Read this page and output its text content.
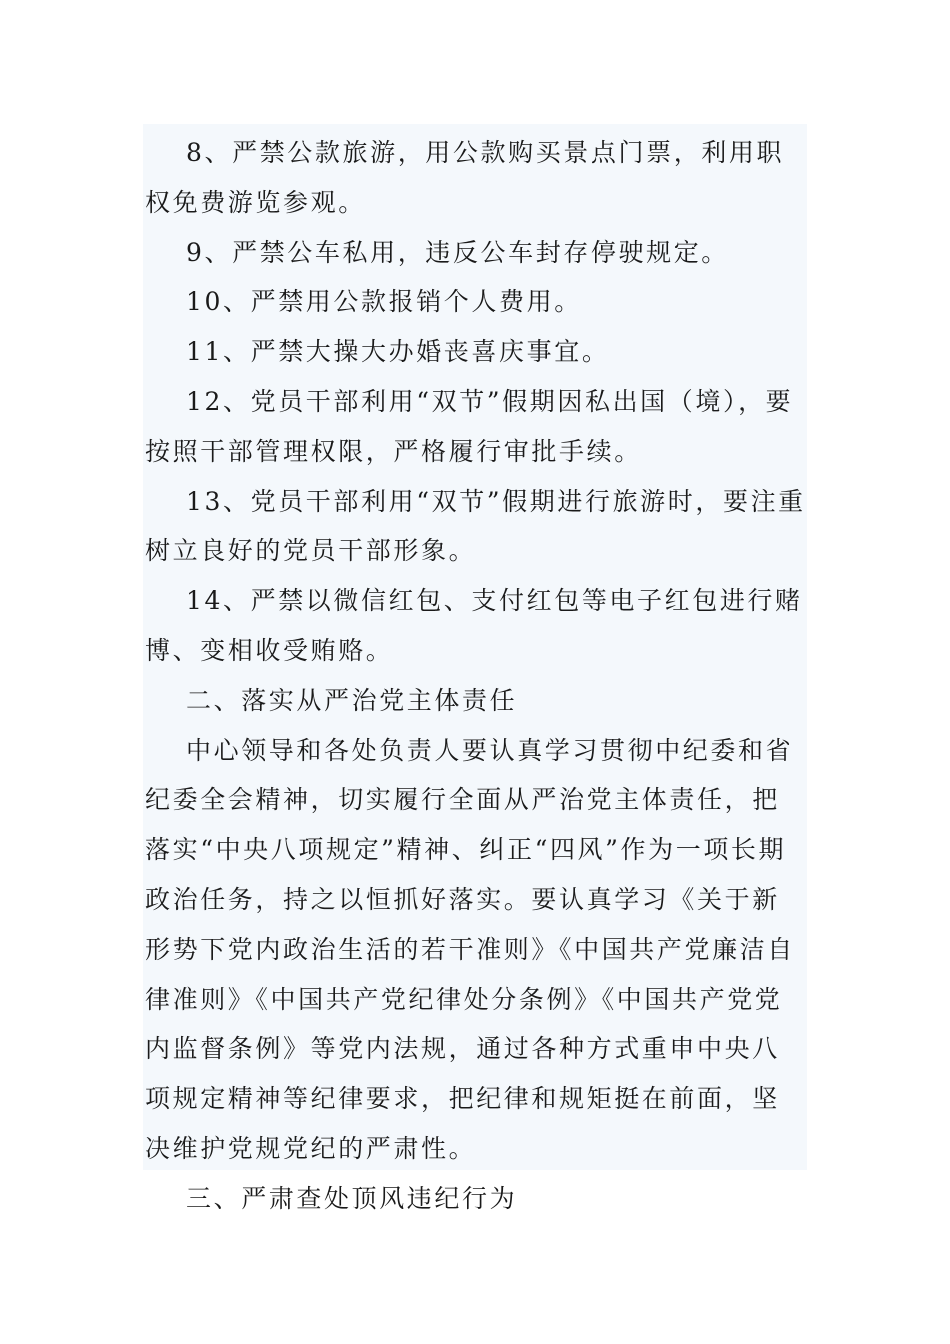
8、严禁公款旅游，用公款购买景点门票，利用职权免费游览参观。

9、严禁公车私用，违反公车封存停驶规定。

10、严禁用公款报销个人费用。

11、严禁大操大办婚丧喜庆事宜。

12、党员干部利用“双节”假期因私出国（境），要按照干部管理权限，严格履行审批手续。

13、党员干部利用“双节”假期进行旅游时，要注重树立良好的党员干部形象。

14、严禁以微信红包、支付红包等电子红包进行赌博、变相收受贿赂。

二、落实从严治党主体责任

中心领导和各处负责人要认真学习贯彻中纪委和省纪委全会精神，切实履行全面从严治党主体责任，把落实“中央八项规定”精神、纠正“四风”作为一项长期政治任务，持之以恒抓好落实。要认真学习《关于新形势下党内政治生活的若干准则》《中国共产党廉洁自律准则》《中国共产党纪律处分条例》《中国共产党党内监督条例》等党内法规，通过各种方式重申中央八项规定精神等纪律要求，把纪律和规矩挺在前面，坚决维护党规党纪的严肃性。

三、严肃查处顶风违纪行为
